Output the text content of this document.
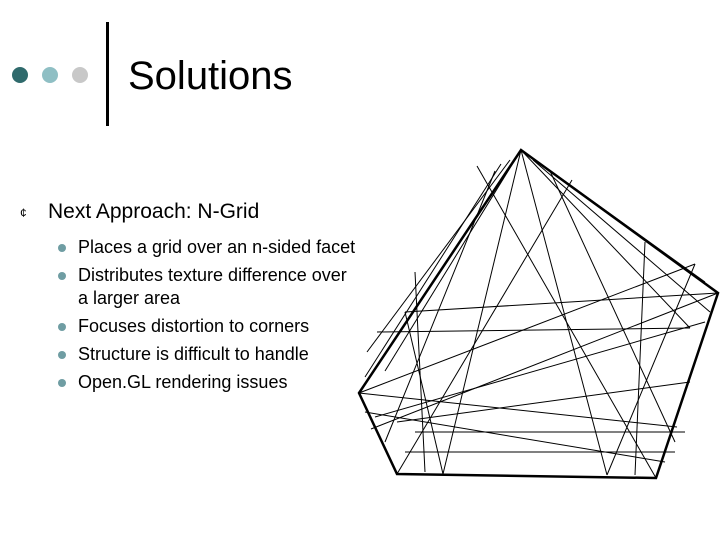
Solutions
¢ Next Approach: N-Grid
Places a grid over an n-sided facet
Distributes texture difference over a larger area
Focuses distortion to corners
Structure is difficult to handle
Open.GL rendering issues
